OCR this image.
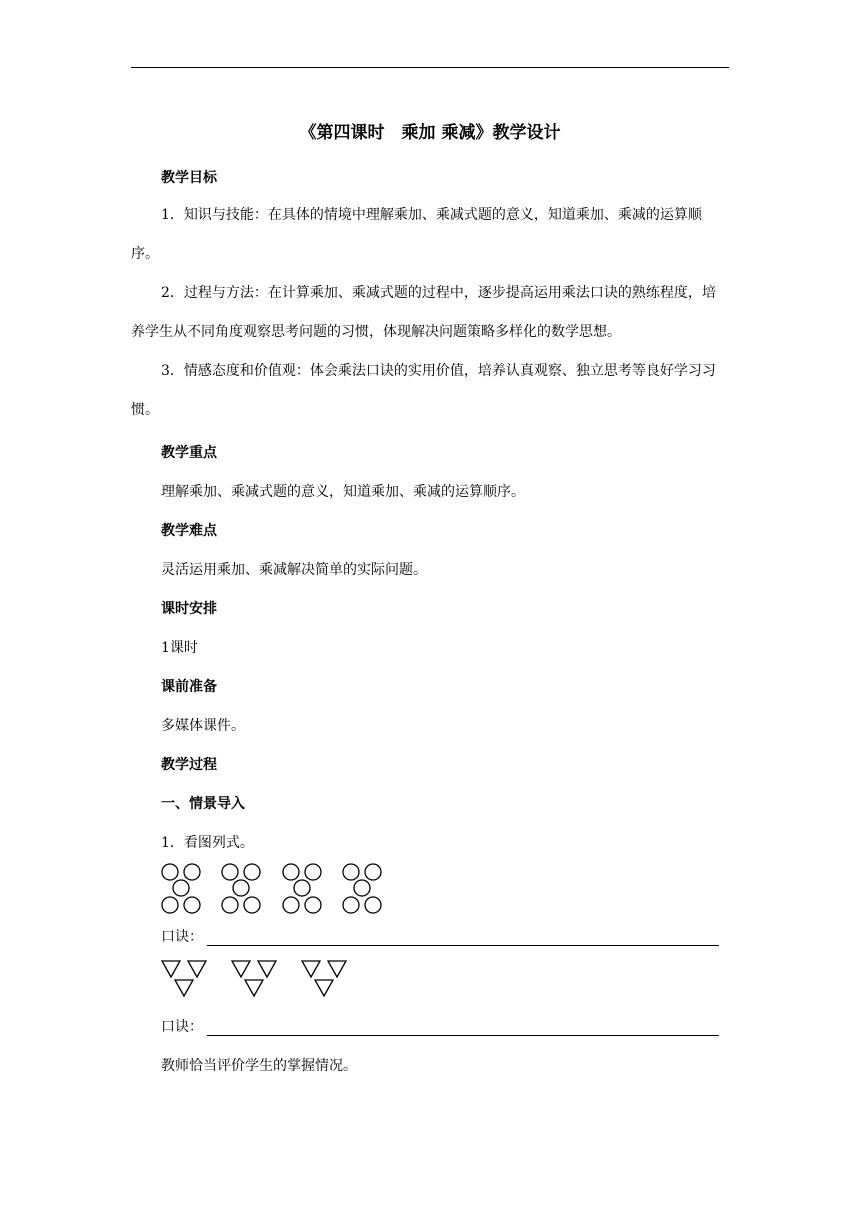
《第四课时　乘加 乘减》教学设计
教学目标

1．知识与技能：在具体的情境中理解乘加、乘减式题的意义，知道乘加、乘减的运算顺序。

2．过程与方法：在计算乘加、乘减式题的过程中，逐步提高运用乘法口诀的熟练程度，培养学生从不同角度观察思考问题的习惯，体现解决问题策略多样化的数学思想。

3．情感态度和价值观：体会乘法口诀的实用价值，培养认真观察、独立思考等良好学习习惯。

教学重点
理解乘加、乘减式题的意义，知道乘加、乘减的运算顺序。
教学难点
灵活运用乘加、乘减解决简单的实际问题。
课时安排
1课时
课前准备
多媒体课件。
教学过程
一、情景导入
1．看图列式。
口诀：
口诀：
教师恰当评价学生的掌握情况。
